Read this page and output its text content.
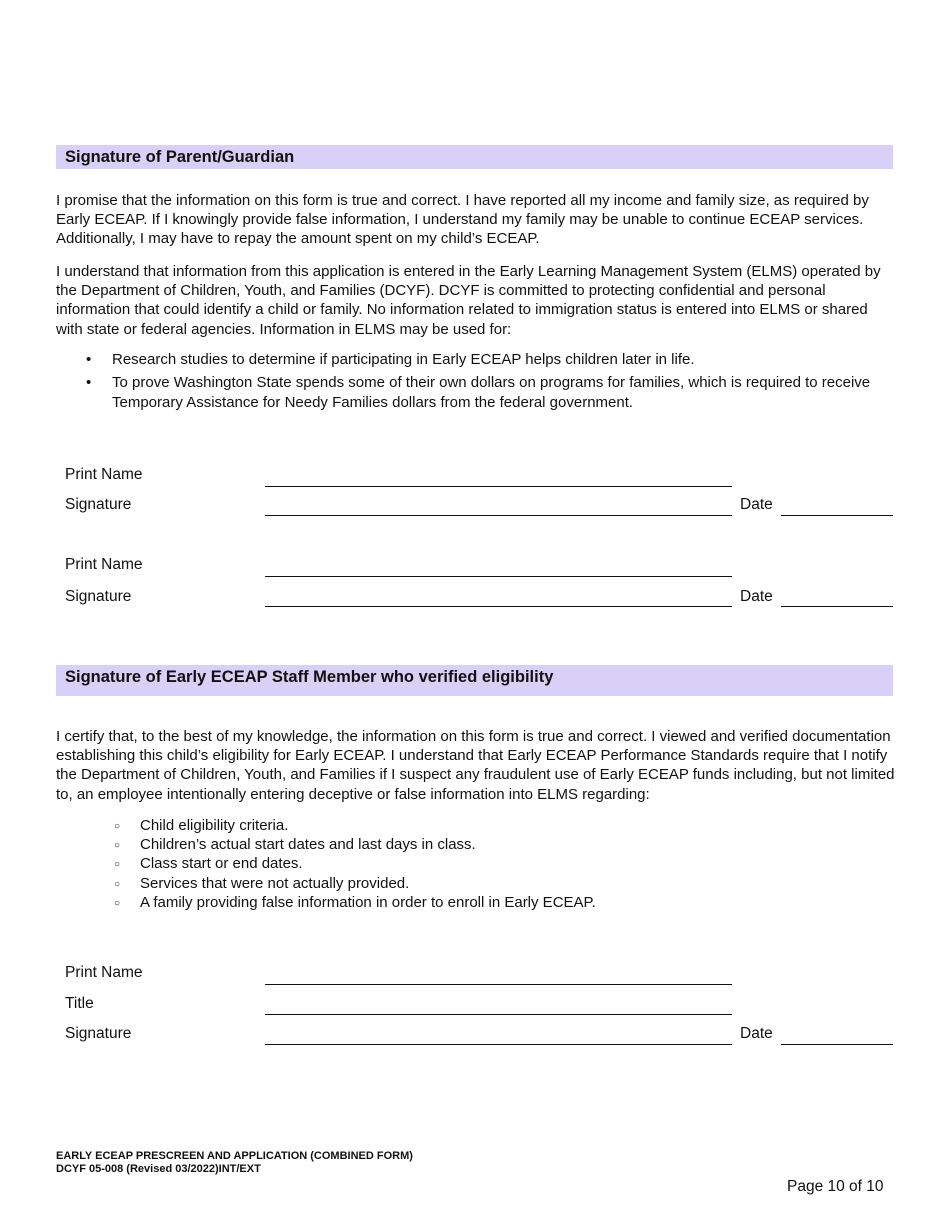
Signature of Parent/Guardian

I promise that the information on this form is true and correct. I have reported all my income and family size, as required by Early ECEAP. If I knowingly provide false information, I understand my family may be unable to continue ECEAP services. Additionally, I may have to repay the amount spent on my child’s ECEAP.

I understand that information from this application is entered in the Early Learning Management System (ELMS) operated by the Department of Children, Youth, and Families (DCYF). DCYF is committed to protecting confidential and personal information that could identify a child or family. No information related to immigration status is entered into ELMS or shared with state or federal agencies. Information in ELMS may be used for:

• Research studies to determine if participating in Early ECEAP helps children later in life.
• To prove Washington State spends some of their own dollars on programs for families, which is required to receive Temporary Assistance for Needy Families dollars from the federal government.
Print Name
Signature	Date
Print Name
Signature	Date
Signature of Early ECEAP Staff Member who verified eligibility

I certify that, to the best of my knowledge, the information on this form is true and correct. I viewed and verified documentation establishing this child’s eligibility for Early ECEAP. I understand that Early ECEAP Performance Standards require that I notify the Department of Children, Youth, and Families if I suspect any fraudulent use of Early ECEAP funds including, but not limited to, an employee intentionally entering deceptive or false information into ELMS regarding:

○ Child eligibility criteria.
○ Children’s actual start dates and last days in class.
○ Class start or end dates.
○ Services that were not actually provided.
○ A family providing false information in order to enroll in Early ECEAP.
Print Name
Title
Signature	Date
EARLY ECEAP PRESCREEN AND APPLICATION (COMBINED FORM)
DCYF 05-008 (Revised 03/2022)INT/EXT
Page 10 of 10
